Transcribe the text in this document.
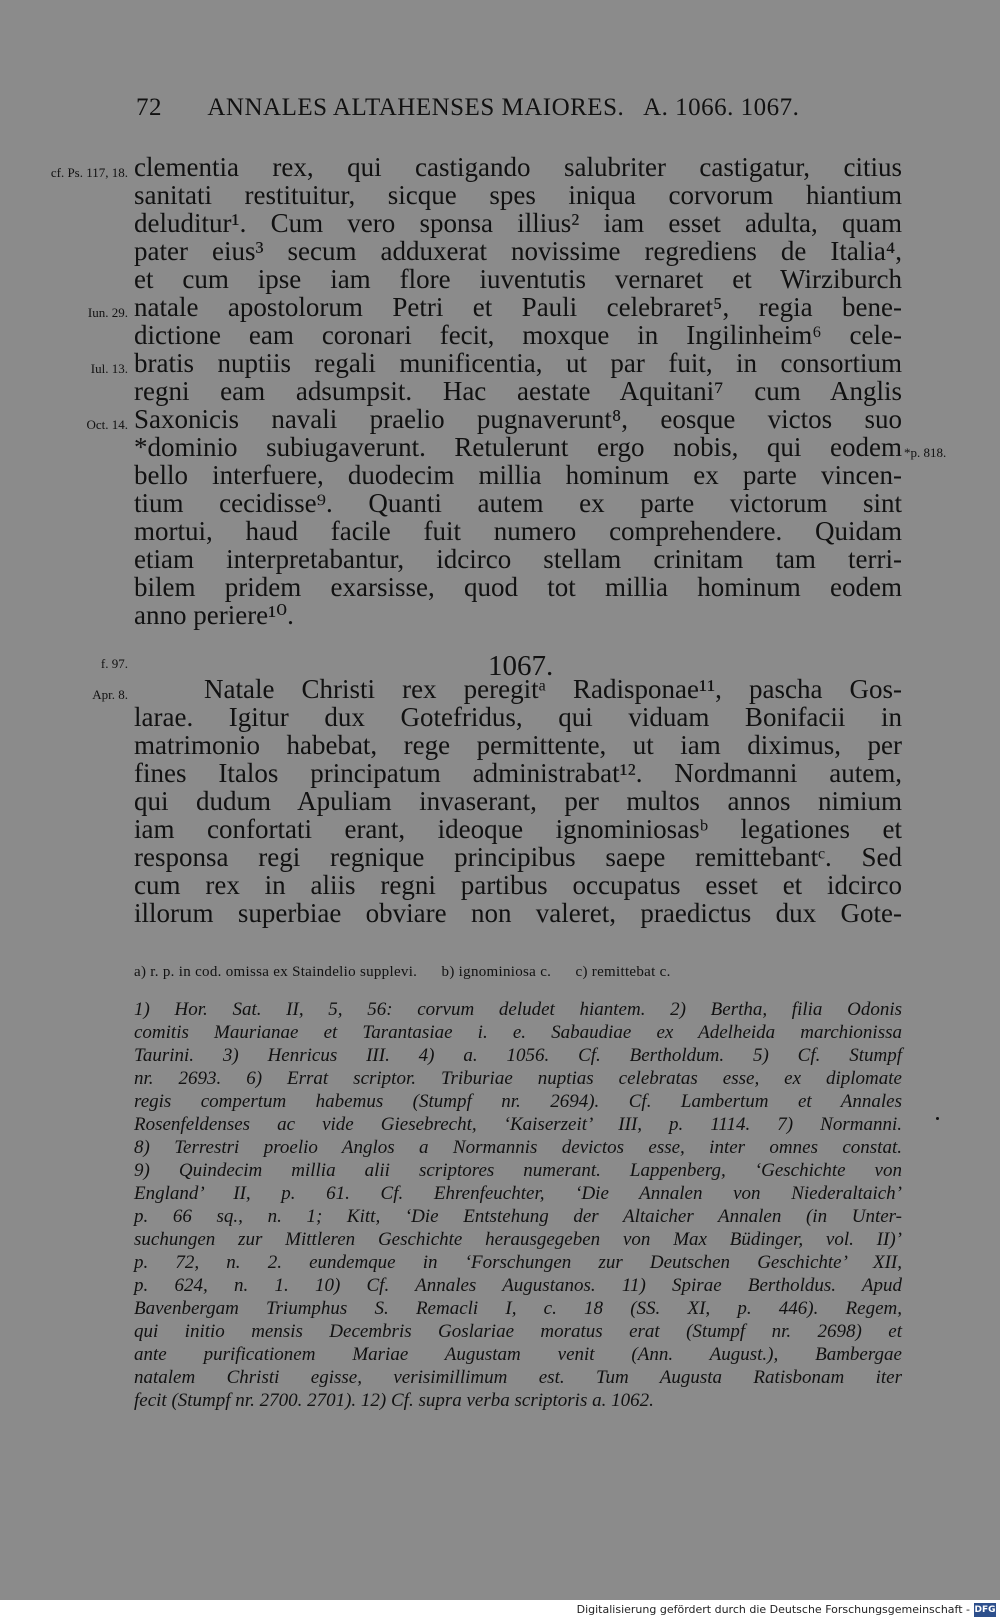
72 ANNALES ALTAHENSES MAIORES.   A. 1066. 1067.
clementia rex, qui castigando salubriter castigatur, citius
sanitati restituitur, sicque spes iniqua corvorum hiantium
deluditur¹. Cum vero sponsa illius² iam esset adulta, quam
pater eius³ secum adduxerat novissime regrediens de Italia⁴,
et cum ipse iam flore iuventutis vernaret et Wirziburch
natale apostolorum Petri et Pauli celebraret⁵, regia bene-
dictione eam coronari fecit, moxque in Ingilinheim⁶ cele-
bratis nuptiis regali munificentia, ut par fuit, in consortium
regni eam adsumpsit. Hac aestate Aquitani⁷ cum Anglis
Saxonicis navali praelio pugnaverunt⁸, eosque victos suo
*dominio subiugaverunt. Retulerunt ergo nobis, qui eodem
bello interfuere, duodecim millia hominum ex parte vincen-
tium cecidisse⁹. Quanti autem ex parte victorum sint
mortui, haud facile fuit numero comprehendere. Quidam
etiam interpretabantur, idcirco stellam crinitam tam terri-
bilem pridem exarsisse, quod tot millia hominum eodem
anno periere¹⁰.
1067.
Natale Christi rex peregitᵃ Radisponae¹¹, pascha Gos-
larae. Igitur dux Gotefridus, qui viduam Bonifacii in
matrimonio habebat, rege permittente, ut iam diximus, per
fines Italos principatum administrabat¹². Nordmanni autem,
qui dudum Apuliam invaserant, per multos annos nimium
iam confortati erant, ideoque ignominiosasᵇ legationes et
responsa regi regnique principibus saepe remittebantᶜ. Sed
cum rex in aliis regni partibus occupatus esset et idcirco
illorum superbiae obviare non valeret, praedictus dux Gote-
cf. Ps. 117, 18.
Iun. 29.
Iul. 13.
Oct. 14.
f. 97.
Apr. 8.
*p. 818.
a) r. p. in cod. omissa ex Staindelio supplevi.      b) ignominiosa c.      c) remittebat c.
1) Hor. Sat. II, 5, 56: corvum deludet hiantem. 2) Bertha, filia Odonis
comitis Maurianae et Tarantasiae i. e. Sabaudiae ex Adelheida marchionissa
Taurini. 3) Henricus III. 4) a. 1056. Cf. Bertholdum. 5) Cf. Stumpf
nr. 2693. 6) Errat scriptor. Triburiae nuptias celebratas esse, ex diplomate
regis compertum habemus (Stumpf nr. 2694). Cf. Lambertum et Annales
Rosenfeldenses ac vide Giesebrecht, ‘Kaiserzeit’ III, p. 1114. 7) Normanni.
8) Terrestri proelio Anglos a Normannis devictos esse, inter omnes constat.
9) Quindecim millia alii scriptores numerant. Lappenberg, ‘Geschichte von
England’ II, p. 61. Cf. Ehrenfeuchter, ‘Die Annalen von Niederaltaich’
p. 66 sq., n. 1; Kitt, ‘Die Entstehung der Altaicher Annalen (in Unter-
suchungen zur Mittleren Geschichte herausgegeben von Max Büdinger, vol. II)’
p. 72, n. 2. eundemque in ‘Forschungen zur Deutschen Geschichte’ XII,
p. 624, n. 1. 10) Cf. Annales Augustanos. 11) Spirae Bertholdus. Apud
Bavenbergam Triumphus S. Remacli I, c. 18 (SS. XI, p. 446). Regem,
qui initio mensis Decembris Goslariae moratus erat (Stumpf nr. 2698) et
ante purificationem Mariae Augustam venit (Ann. August.), Bambergae
natalem Christi egisse, verisimillimum est. Tum Augusta Ratisbonam iter
fecit (Stumpf nr. 2700. 2701). 12) Cf. supra verba scriptoris a. 1062.
Digitalisierung gefördert durch die Deutsche Forschungsgemeinschaft - DFG
